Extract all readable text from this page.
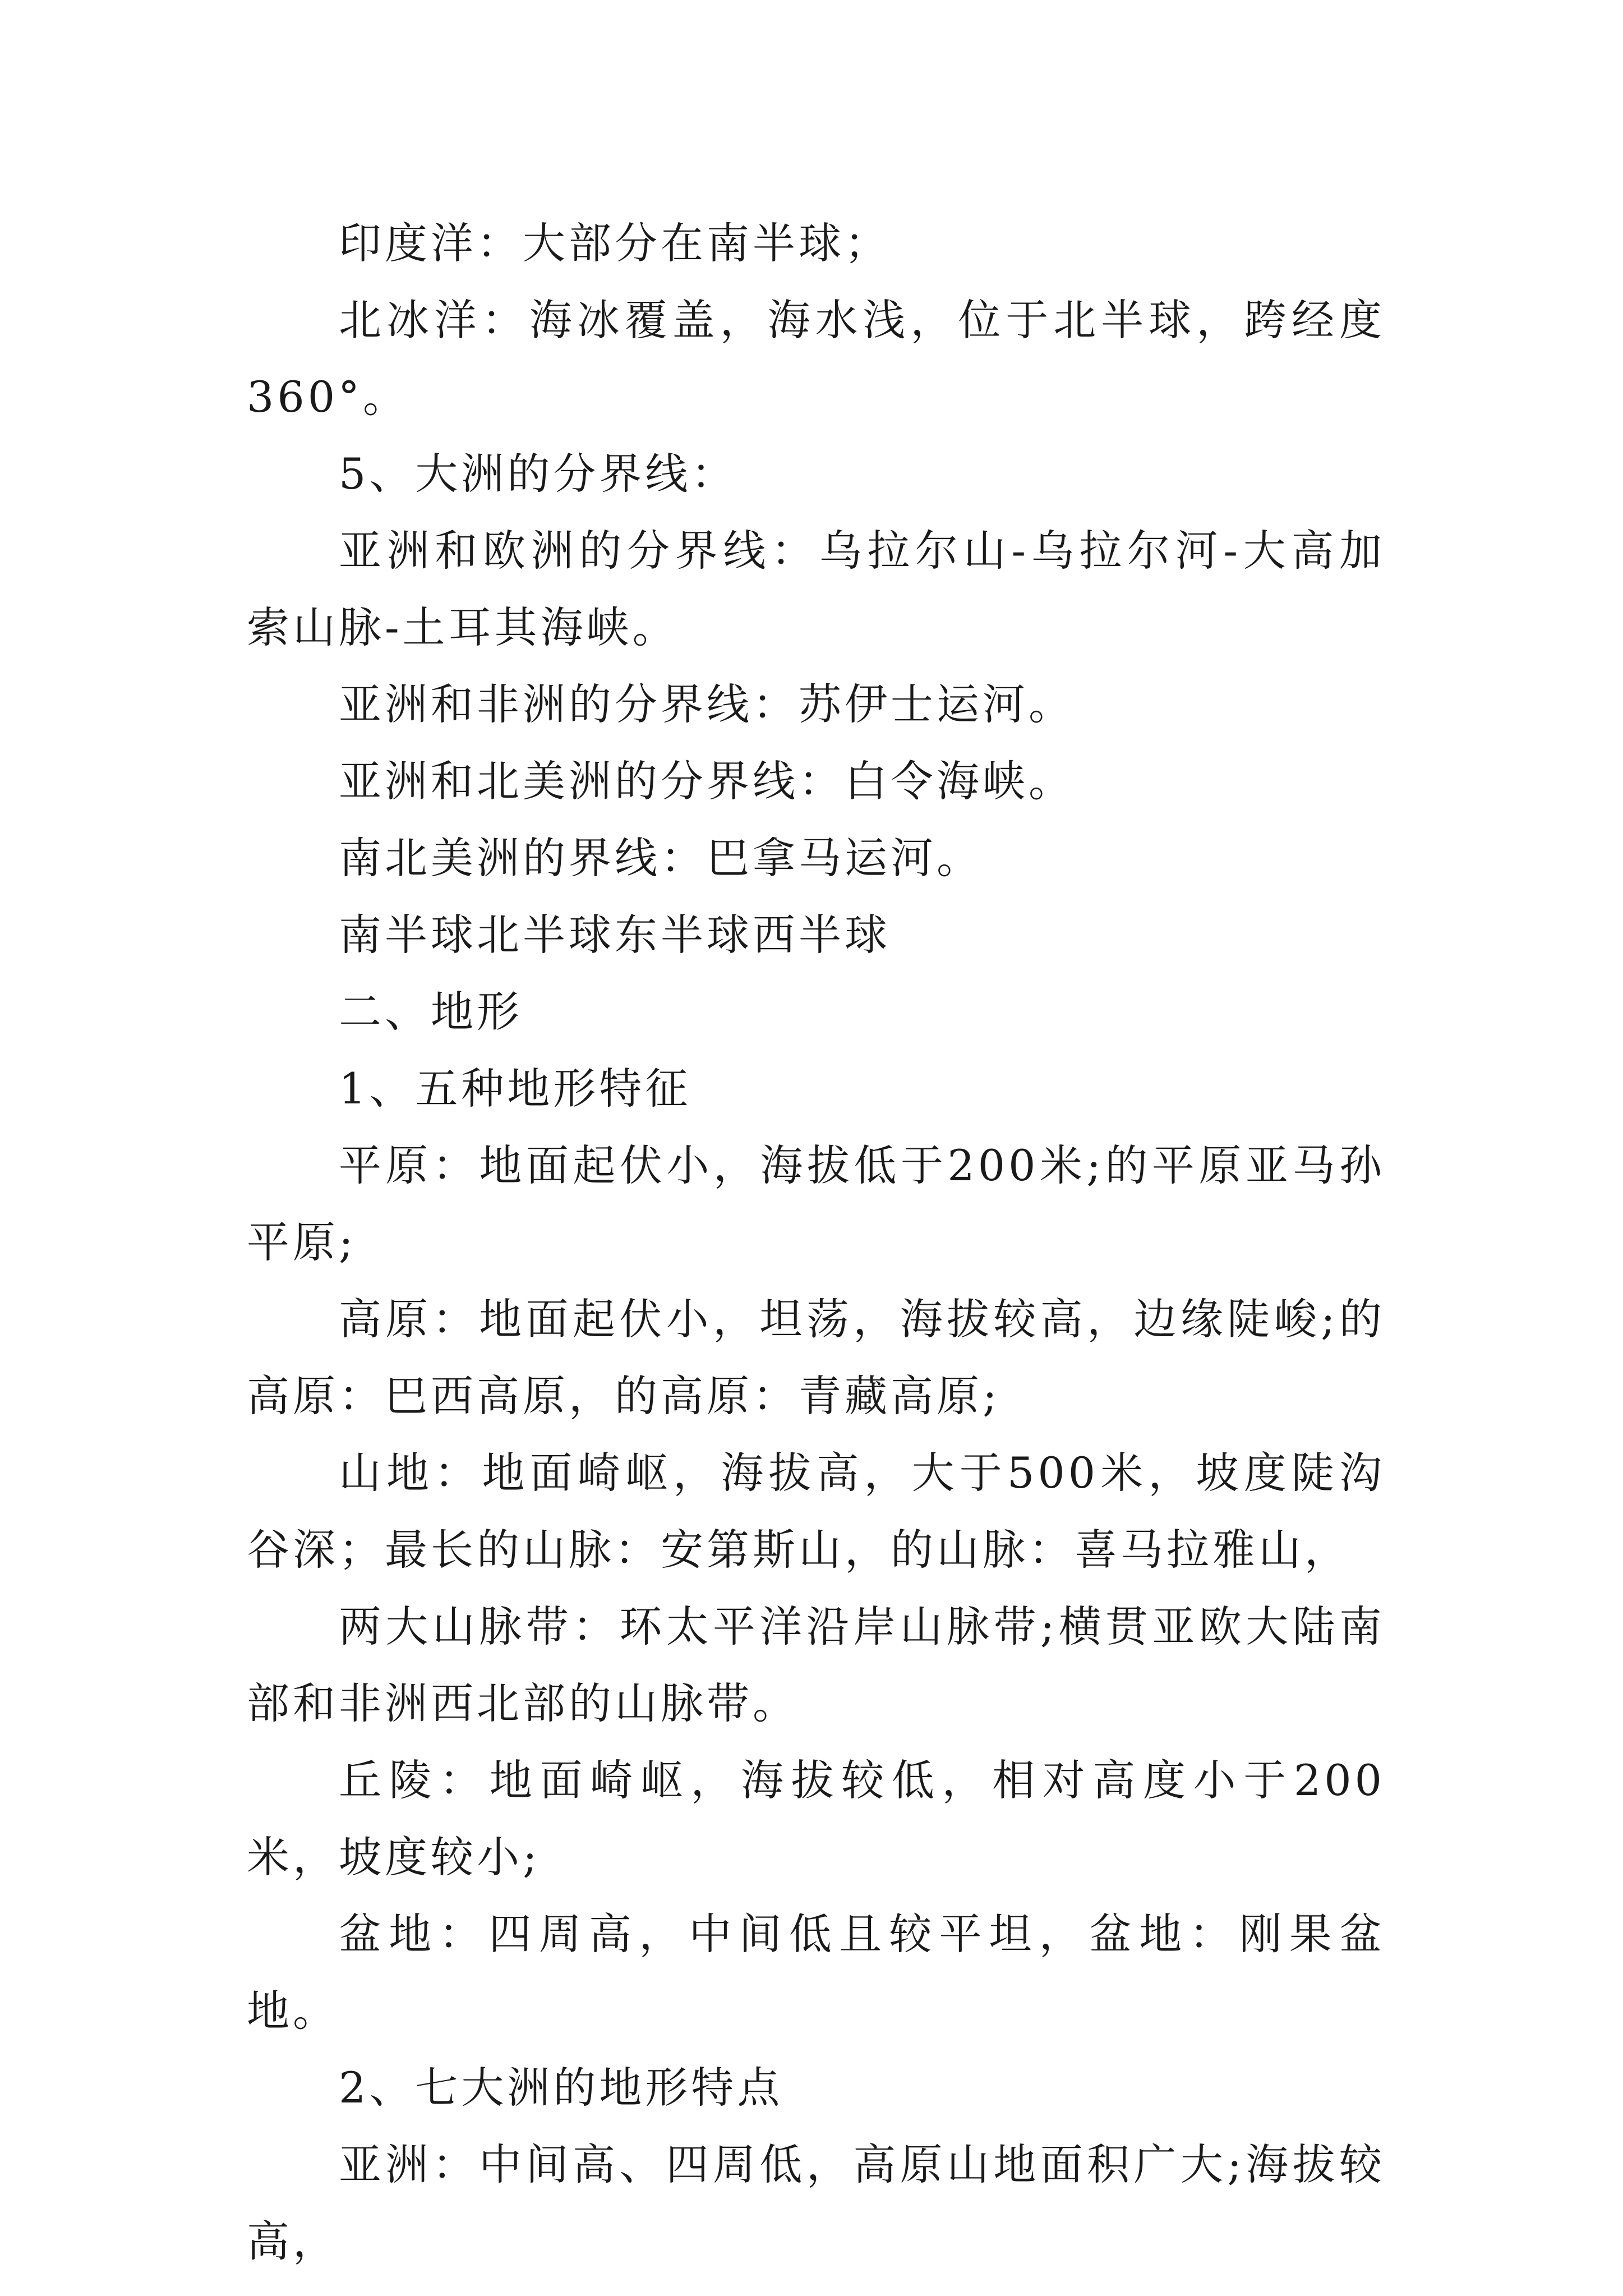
印度洋：大部分在南半球；

北冰洋：海冰覆盖，海水浅，位于北半球，跨经度360°。

5、大洲的分界线：

亚洲和欧洲的分界线：乌拉尔山-乌拉尔河-大高加索山脉-土耳其海峡。

亚洲和非洲的分界线：苏伊士运河。

亚洲和北美洲的分界线：白令海峡。

南北美洲的界线：巴拿马运河。

南半球北半球东半球西半球

二、地形

1、五种地形特征

平原：地面起伏小，海拔低于200米;的平原亚马孙平原;

高原：地面起伏小，坦荡，海拔较高，边缘陡峻;的高原：巴西高原，的高原：青藏高原;

山地：地面崎岖，海拔高，大于500米，坡度陡沟谷深；最长的山脉：安第斯山，的山脉：喜马拉雅山，

两大山脉带：环太平洋沿岸山脉带;横贯亚欧大陆南部和非洲西北部的山脉带。

丘陵：地面崎岖，海拔较低，相对高度小于200米，坡度较小;

盆地：四周高，中间低且较平坦，盆地：刚果盆地。

2、七大洲的地形特点

亚洲：中间高、四周低，高原山地面积广大;海拔较高，
